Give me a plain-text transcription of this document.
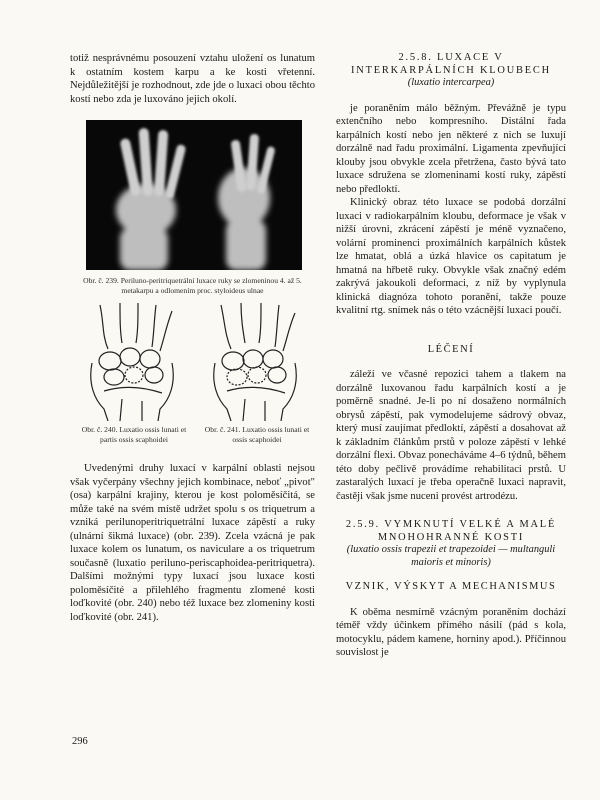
totiž nesprávnému posouzení vztahu uložení os lunatum k ostatním kostem karpu a ke kosti vřetenní. Nejdůležitější je rozhodnout, zde jde o luxaci obou těchto kostí nebo zda je luxováno jejich okolí.

Obr. č. 239. Periluno-peritriquetrální luxace ruky se zlomeninou 4. až 5. metakarpu a odlomením proc. styloideus ulnae
Obr. č. 240. Luxatio ossis lunati et partis ossis scaphoidei
Obr. č. 241. Luxatio ossis lunati et ossis scaphoidei

Uvedenými druhy luxací v karpální oblasti nejsou však vyčerpány všechny jejich kombinace, neboť „pivot" (osa) karpální krajiny, kterou je kost poloměsíčitá, se může také na svém místě udržet spolu s os triquetrum a vzniká perilunoperitriquetrální luxace zápěstí a ruky (ulnární šikmá luxace) (obr. 239). Zcela vzácná je pak luxace kolem os lunatum, os naviculare a os triquetrum současně (luxatio periluno-periscaphoidea-peritriquetra). Dalšími možnými typy luxací jsou luxace kosti poloměsíčité a přilehlého fragmentu zlomené kosti loďkovité (obr. 240) nebo též luxace bez zlomeniny kosti loďkovité (obr. 241).

2.5.8. LUXACE V INTERKARPÁLNÍCH KLOUBECH
(luxatio intercarpea)

je poraněním málo běžným. Převážně je typu extenčního nebo kompresního. Distální řada karpálních kostí nebo jen některé z nich se luxují dorzálně nad řadu proximální. Ligamenta zpevňující klouby jsou obvykle zcela přetržena, často bývá tato luxace sdružena se zlomeninami kostí ruky, zápěstí nebo předloktí.

Klinický obraz této luxace se podobá dorzální luxaci v radiokarpálním kloubu, deformace je však v nižší úrovni, zkrácení zápěstí je méně vyznačeno, volární prominenci proximálních karpálních kůstek lze hmatat, oblá a úzká hlavice os capitatum je hmatná na hřbetě ruky. Obvykle však značný edém zakrývá jakoukoli deformaci, z níž by vyplynula klinická diagnóza tohoto poranění, takže pouze kvalitní rtg. snímek nás o této vzácnější luxaci poučí.

LÉČENÍ

záleží ve včasné repozici tahem a tlakem na dorzálně luxovanou řadu karpálních kostí a je poměrně snadné. Je-li po ní dosaženo normálních obrysů zápěstí, pak vymodelujeme sádrový obvaz, který musí zaujímat předloktí, zápěstí a dosahovat až k základním článkům prstů v poloze zápěstí v lehké dorzální flexi. Obvaz ponecháváme 4–6 týdnů, během této doby pečlivě provádíme rehabilitaci prstů. U zastaralých luxací je třeba operačně luxaci napravit, častěji však jsme nuceni provést artrodézu.

2.5.9. VYMKNUTÍ VELKÉ A MALÉ MNOHOHRANNÉ KOSTI
(luxatio ossis trapezii et trapezoidei — multanguli maioris et minoris)
VZNIK, VÝSKYT A MECHANISMUS

K oběma nesmírně vzácným poraněním dochází téměř vždy účinkem přímého násilí (pád s kola, motocyklu, pádem kamene, horniny apod.). Příčinnou souvislost je

296
